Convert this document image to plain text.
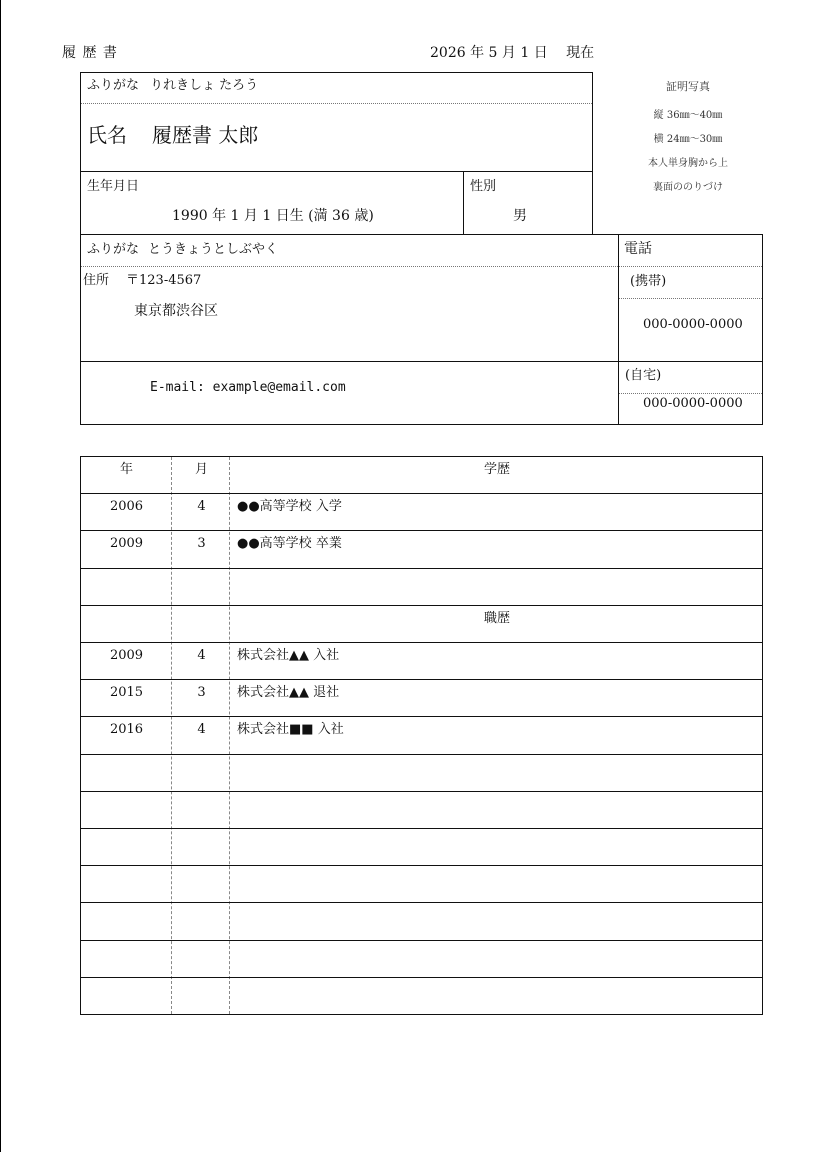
履 歴 書	2026 年 5 月 1 日　 現在
ふりがな りれきしょ たろう
氏名 履歴書 太郎
生年月日
1990 年 1 月 1 日生 (満 36 歳)
性別
男
証明写真
縦 36㎜～40㎜
横 24㎜～30㎜
本人単身胸から上
裏面ののりづけ
ふりがな とうきょうとしぶやく
住所 〒123-4567
東京都渋谷区
E-mail: example@email.com
電話
(携帯)
000-0000-0000
(自宅)
000-0000-0000
年	月	学歴
2006	4	●●高等学校 入学
2009	3	●●高等学校 卒業
職歴
2009	4	株式会社▲▲ 入社
2015	3	株式会社▲▲ 退社
2016	4	株式会社■■ 入社
